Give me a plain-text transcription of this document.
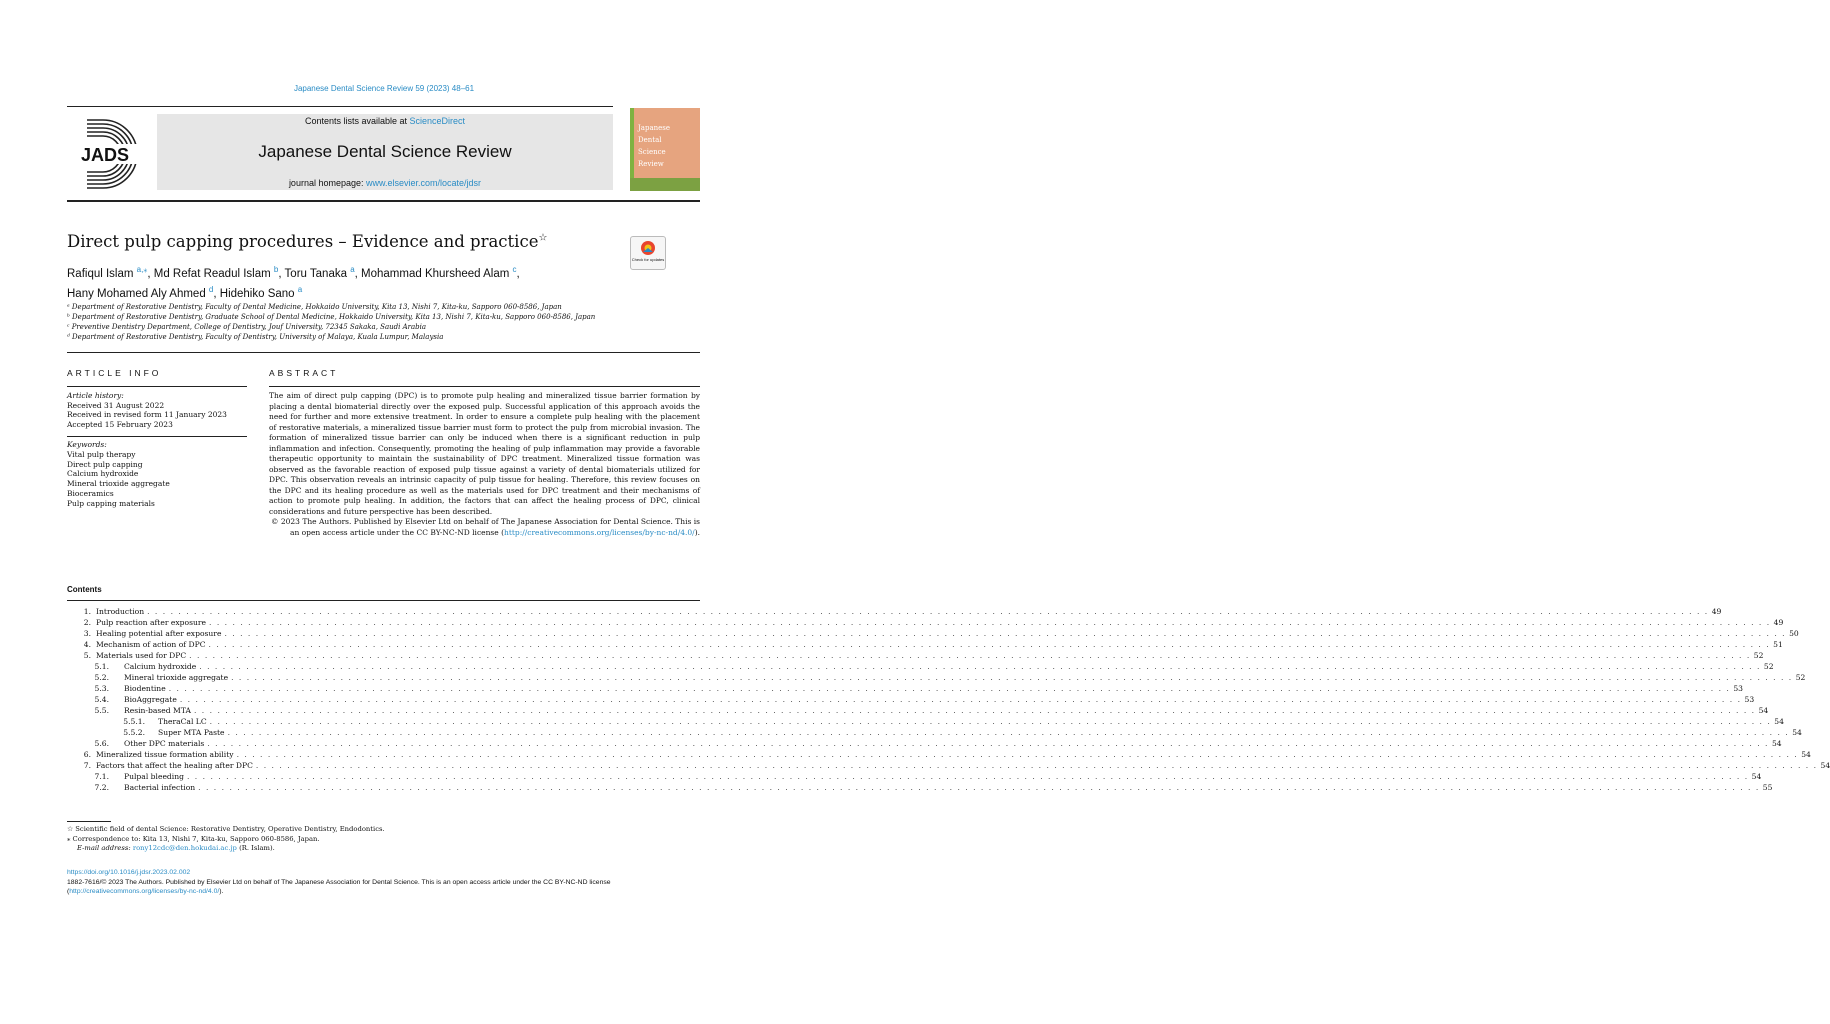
Japanese Dental Science Review 59 (2023) 48–61
JADS
Contents lists available at ScienceDirect
Japanese Dental Science Review
journal homepage: www.elsevier.com/locate/jdsr
Japanese
Dental
Science
Review
Direct pulp capping procedures – Evidence and practice☆
Check for updates
Rafiqul Islam $^{a,⁎}$, Md Refat Readul Islam $^b$, Toru Tanaka $^a$, Mohammad Khursheed Alam $^c$,
Hany Mohamed Aly Ahmed $^d$, Hidehiko Sano $^a$
ᵃ Department of Restorative Dentistry, Faculty of Dental Medicine, Hokkaido University, Kita 13, Nishi 7, Kita-ku, Sapporo 060-8586, Japan
ᵇ Department of Restorative Dentistry, Graduate School of Dental Medicine, Hokkaido University, Kita 13, Nishi 7, Kita-ku, Sapporo 060-8586, Japan
ᶜ Preventive Dentistry Department, College of Dentistry, Jouf University, 72345 Sakaka, Saudi Arabia
ᵈ Department of Restorative Dentistry, Faculty of Dentistry, University of Malaya, Kuala Lumpur, Malaysia
ARTICLE INFO
Article history:
Received 31 August 2022
Received in revised form 11 January 2023
Accepted 15 February 2023
Keywords:
Vital pulp therapy
Direct pulp capping
Calcium hydroxide
Mineral trioxide aggregate
Bioceramics
Pulp capping materials
ABSTRACT
The aim of direct pulp capping (DPC) is to promote pulp healing and mineralized tissue barrier formation by placing a dental biomaterial directly over the exposed pulp. Successful application of this approach avoids the need for further and more extensive treatment. In order to ensure a complete pulp healing with the placement of restorative materials, a mineralized tissue barrier must form to protect the pulp from microbial invasion. The formation of mineralized tissue barrier can only be induced when there is a significant reduction in pulp inflammation and infection. Consequently, promoting the healing of pulp inflammation may provide a favorable therapeutic opportunity to maintain the sustainability of DPC treatment. Mineralized tissue formation was observed as the favorable reaction of exposed pulp tissue against a variety of dental biomaterials utilized for DPC. This observation reveals an intrinsic capacity of pulp tissue for healing. Therefore, this review focuses on the DPC and its healing procedure as well as the materials used for DPC treatment and their mechanisms of action to promote pulp healing. In addition, the factors that can affect the healing process of DPC, clinical considerations and future perspective has been described.
© 2023 The Authors. Published by Elsevier Ltd on behalf of The Japanese Association for Dental Science. This is an open access article under the CC BY-NC-ND license (http://creativecommons.org/licenses/by-nc-nd/4.0/).
Contents
1. Introduction . . . . . . . . . . . . . . . . . . . . . . . . . . . . . . . . . . . . . . . . . . . . . . . . . . . . . . . . . . . . . . . . . . . . . . . . . . . . . . . . . . . . . . . . . . . . . . . . . . . . . . . . . . . . . . . . . . . . . . . . . . . . . . . . . . . . . . . . . . . . . . . . . . . . . . . . . . . . . . . . . . . . . . . . . . . . . . . . . . . . . . . . . . . . . . . . . . . . . . . . 49
2. Pulp reaction after exposure . . . . . . . . . . . . . . . . . . . . . . . . . . . . . . . . . . . . . . . . . . . . . . . . . . . . . . . . . . . . . . . . . . . . . . . . . . . . . . . . . . . . . . . . . . . . . . . . . . . . . . . . . . . . . . . . . . . . . . . . . . . . . . . . . . . . . . . . . . . . . . . . . . . . . . . . . . . . . . . . . . . . . . . . . . . . . . . . . . . . . . . . . . . . . . . . . . . . . . . . 49
3. Healing potential after exposure . . . . . . . . . . . . . . . . . . . . . . . . . . . . . . . . . . . . . . . . . . . . . . . . . . . . . . . . . . . . . . . . . . . . . . . . . . . . . . . . . . . . . . . . . . . . . . . . . . . . . . . . . . . . . . . . . . . . . . . . . . . . . . . . . . . . . . . . . . . . . . . . . . . . . . . . . . . . . . . . . . . . . . . . . . . . . . . . . . . . . . . . . . . . . . . . . . . . . . . . 50
4. Mechanism of action of DPC . . . . . . . . . . . . . . . . . . . . . . . . . . . . . . . . . . . . . . . . . . . . . . . . . . . . . . . . . . . . . . . . . . . . . . . . . . . . . . . . . . . . . . . . . . . . . . . . . . . . . . . . . . . . . . . . . . . . . . . . . . . . . . . . . . . . . . . . . . . . . . . . . . . . . . . . . . . . . . . . . . . . . . . . . . . . . . . . . . . . . . . . . . . . . . . . . . . . . . . . 51
5. Materials used for DPC . . . . . . . . . . . . . . . . . . . . . . . . . . . . . . . . . . . . . . . . . . . . . . . . . . . . . . . . . . . . . . . . . . . . . . . . . . . . . . . . . . . . . . . . . . . . . . . . . . . . . . . . . . . . . . . . . . . . . . . . . . . . . . . . . . . . . . . . . . . . . . . . . . . . . . . . . . . . . . . . . . . . . . . . . . . . . . . . . . . . . . . . . . . . . . . . . . . . . . . . 52
5.1. Calcium hydroxide . . . . . . . . . . . . . . . . . . . . . . . . . . . . . . . . . . . . . . . . . . . . . . . . . . . . . . . . . . . . . . . . . . . . . . . . . . . . . . . . . . . . . . . . . . . . . . . . . . . . . . . . . . . . . . . . . . . . . . . . . . . . . . . . . . . . . . . . . . . . . . . . . . . . . . . . . . . . . . . . . . . . . . . . . . . . . . . . . . . . . . . . . . . . . . . . . . . . . . . . 52
5.2. Mineral trioxide aggregate . . . . . . . . . . . . . . . . . . . . . . . . . . . . . . . . . . . . . . . . . . . . . . . . . . . . . . . . . . . . . . . . . . . . . . . . . . . . . . . . . . . . . . . . . . . . . . . . . . . . . . . . . . . . . . . . . . . . . . . . . . . . . . . . . . . . . . . . . . . . . . . . . . . . . . . . . . . . . . . . . . . . . . . . . . . . . . . . . . . . . . . . . . . . . . . . . . . . . . . . 52
5.3. Biodentine . . . . . . . . . . . . . . . . . . . . . . . . . . . . . . . . . . . . . . . . . . . . . . . . . . . . . . . . . . . . . . . . . . . . . . . . . . . . . . . . . . . . . . . . . . . . . . . . . . . . . . . . . . . . . . . . . . . . . . . . . . . . . . . . . . . . . . . . . . . . . . . . . . . . . . . . . . . . . . . . . . . . . . . . . . . . . . . . . . . . . . . . . . . . . . . . . . . . . . . . 53
5.4. BioAggregate . . . . . . . . . . . . . . . . . . . . . . . . . . . . . . . . . . . . . . . . . . . . . . . . . . . . . . . . . . . . . . . . . . . . . . . . . . . . . . . . . . . . . . . . . . . . . . . . . . . . . . . . . . . . . . . . . . . . . . . . . . . . . . . . . . . . . . . . . . . . . . . . . . . . . . . . . . . . . . . . . . . . . . . . . . . . . . . . . . . . . . . . . . . . . . . . . . . . . . . . 53
5.5. Resin-based MTA . . . . . . . . . . . . . . . . . . . . . . . . . . . . . . . . . . . . . . . . . . . . . . . . . . . . . . . . . . . . . . . . . . . . . . . . . . . . . . . . . . . . . . . . . . . . . . . . . . . . . . . . . . . . . . . . . . . . . . . . . . . . . . . . . . . . . . . . . . . . . . . . . . . . . . . . . . . . . . . . . . . . . . . . . . . . . . . . . . . . . . . . . . . . . . . . . . . . . . . . 54
5.5.1. TheraCal LC . . . . . . . . . . . . . . . . . . . . . . . . . . . . . . . . . . . . . . . . . . . . . . . . . . . . . . . . . . . . . . . . . . . . . . . . . . . . . . . . . . . . . . . . . . . . . . . . . . . . . . . . . . . . . . . . . . . . . . . . . . . . . . . . . . . . . . . . . . . . . . . . . . . . . . . . . . . . . . . . . . . . . . . . . . . . . . . . . . . . . . . . . . . . . . . . . . . . . . . . 54
5.5.2. Super MTA Paste . . . . . . . . . . . . . . . . . . . . . . . . . . . . . . . . . . . . . . . . . . . . . . . . . . . . . . . . . . . . . . . . . . . . . . . . . . . . . . . . . . . . . . . . . . . . . . . . . . . . . . . . . . . . . . . . . . . . . . . . . . . . . . . . . . . . . . . . . . . . . . . . . . . . . . . . . . . . . . . . . . . . . . . . . . . . . . . . . . . . . . . . . . . . . . . . . . . . . . . . 54
5.6. Other DPC materials . . . . . . . . . . . . . . . . . . . . . . . . . . . . . . . . . . . . . . . . . . . . . . . . . . . . . . . . . . . . . . . . . . . . . . . . . . . . . . . . . . . . . . . . . . . . . . . . . . . . . . . . . . . . . . . . . . . . . . . . . . . . . . . . . . . . . . . . . . . . . . . . . . . . . . . . . . . . . . . . . . . . . . . . . . . . . . . . . . . . . . . . . . . . . . . . . . . . . . . . 54
6. Mineralized tissue formation ability . . . . . . . . . . . . . . . . . . . . . . . . . . . . . . . . . . . . . . . . . . . . . . . . . . . . . . . . . . . . . . . . . . . . . . . . . . . . . . . . . . . . . . . . . . . . . . . . . . . . . . . . . . . . . . . . . . . . . . . . . . . . . . . . . . . . . . . . . . . . . . . . . . . . . . . . . . . . . . . . . . . . . . . . . . . . . . . . . . . . . . . . . . . . . . . . . . . . . . . . 54
7. Factors that affect the healing after DPC . . . . . . . . . . . . . . . . . . . . . . . . . . . . . . . . . . . . . . . . . . . . . . . . . . . . . . . . . . . . . . . . . . . . . . . . . . . . . . . . . . . . . . . . . . . . . . . . . . . . . . . . . . . . . . . . . . . . . . . . . . . . . . . . . . . . . . . . . . . . . . . . . . . . . . . . . . . . . . . . . . . . . . . . . . . . . . . . . . . . . . . . . . . . . . . . . . . . . . . . 54
7.1. Pulpal bleeding . . . . . . . . . . . . . . . . . . . . . . . . . . . . . . . . . . . . . . . . . . . . . . . . . . . . . . . . . . . . . . . . . . . . . . . . . . . . . . . . . . . . . . . . . . . . . . . . . . . . . . . . . . . . . . . . . . . . . . . . . . . . . . . . . . . . . . . . . . . . . . . . . . . . . . . . . . . . . . . . . . . . . . . . . . . . . . . . . . . . . . . . . . . . . . . . . . . . . . . . 54
7.2. Bacterial infection . . . . . . . . . . . . . . . . . . . . . . . . . . . . . . . . . . . . . . . . . . . . . . . . . . . . . . . . . . . . . . . . . . . . . . . . . . . . . . . . . . . . . . . . . . . . . . . . . . . . . . . . . . . . . . . . . . . . . . . . . . . . . . . . . . . . . . . . . . . . . . . . . . . . . . . . . . . . . . . . . . . . . . . . . . . . . . . . . . . . . . . . . . . . . . . . . . . . . . . . 55
☆ Scientific field of dental Science: Restorative Dentistry, Operative Dentistry, Endodontics.
⁎ Correspondence to: Kita 13, Nishi 7, Kita-ku, Sapporo 060-8586, Japan.
E-mail address: rony12cdc@den.hokudai.ac.jp (R. Islam).
https://doi.org/10.1016/j.jdsr.2023.02.002
1882-7616/© 2023 The Authors. Published by Elsevier Ltd on behalf of The Japanese Association for Dental Science. This is an open access article under the CC BY-NC-ND license
(http://creativecommons.org/licenses/by-nc-nd/4.0/).
